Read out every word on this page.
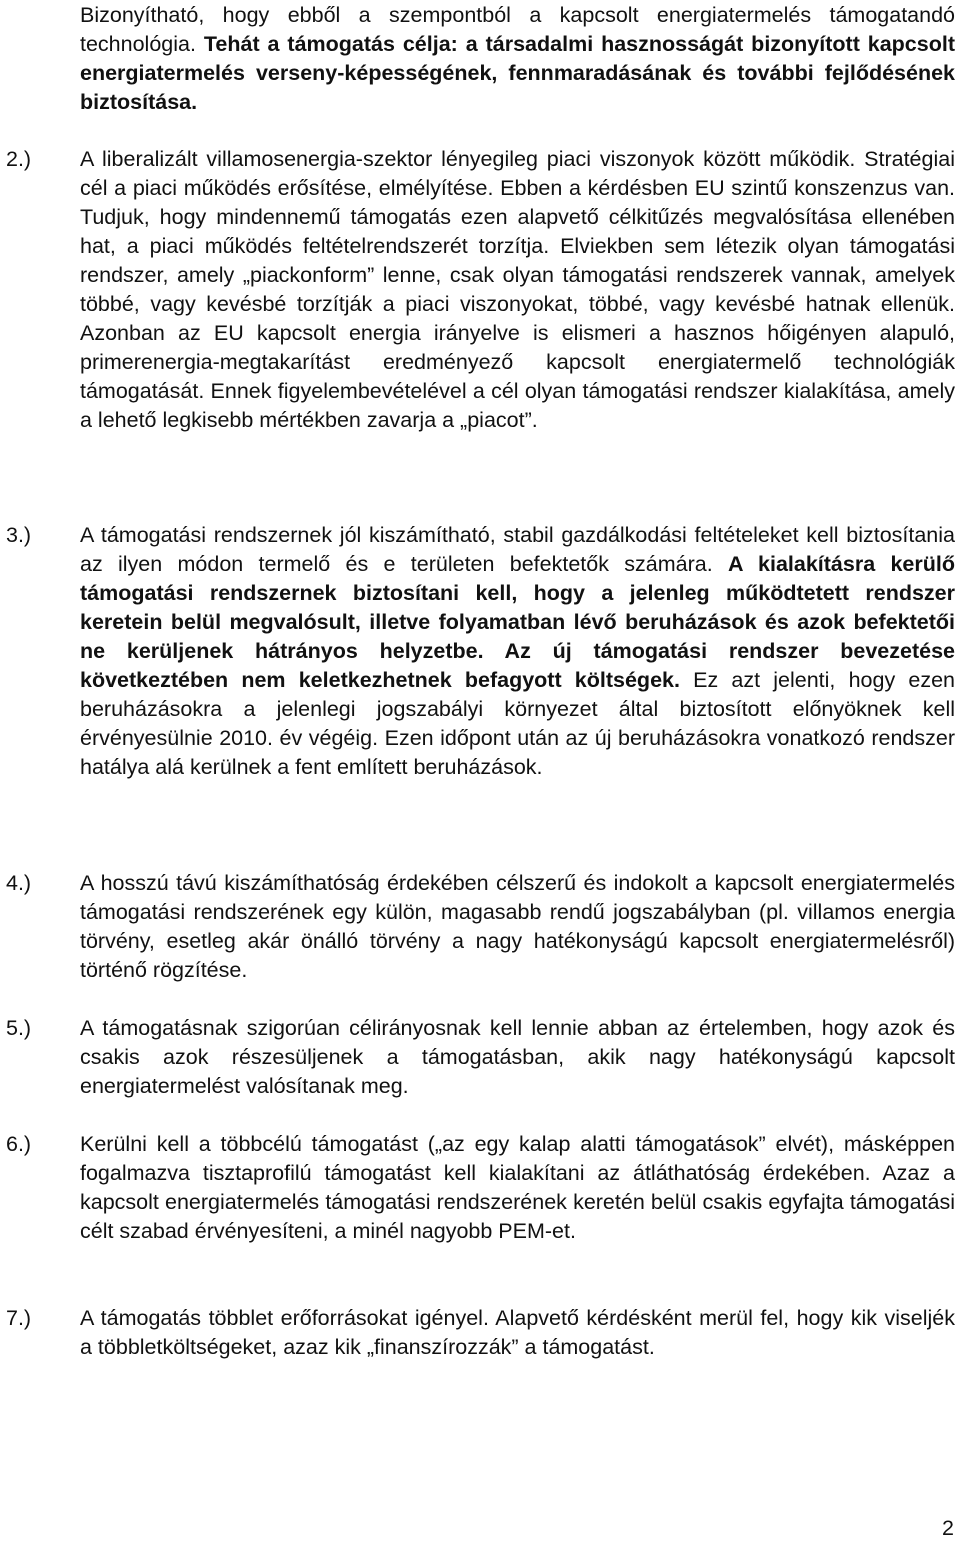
Bizonyítható, hogy ebből a szempontból a kapcsolt energiatermelés támogatandó technológia. Tehát a támogatás célja: a társadalmi hasznosságát bizonyított kapcsolt energiatermelés verseny-képességének, fennmaradásának és további fejlődésének biztosítása.

2.) A liberalizált villamosenergia-szektor lényegileg piaci viszonyok között működik. Stratégiai cél a piaci működés erősítése, elmélyítése. Ebben a kérdésben EU szintű konszenzus van. Tudjuk, hogy mindennemű támogatás ezen alapvető célkitűzés megvalósítása ellenében hat, a piaci működés feltételrendszerét torzítja. Elviekben sem létezik olyan támogatási rendszer, amely „piackonform” lenne, csak olyan támogatási rendszerek vannak, amelyek többé, vagy kevésbé torzítják a piaci viszonyokat, többé, vagy kevésbé hatnak ellenük. Azonban az EU kapcsolt energia irányelve is elismeri a hasznos hőigényen alapuló, primerenergia-megtakarítást eredményező kapcsolt energiatermelő technológiák támogatását. Ennek figyelembevételével a cél olyan támogatási rendszer kialakítása, amely a lehető legkisebb mértékben zavarja a „piacot”.

3.) A támogatási rendszernek jól kiszámítható, stabil gazdálkodási feltételeket kell biztosítania az ilyen módon termelő és e területen befektetők számára. A kialakításra kerülő támogatási rendszernek biztosítani kell, hogy a jelenleg működtetett rendszer keretein belül megvalósult, illetve folyamatban lévő beruházások és azok befektetői ne kerüljenek hátrányos helyzetbe. Az új támogatási rendszer bevezetése következtében nem keletkezhetnek befagyott költségek. Ez azt jelenti, hogy ezen beruházásokra a jelenlegi jogszabályi környezet által biztosított előnyöknek kell érvényesülnie 2010. év végéig. Ezen időpont után az új beruházásokra vonatkozó rendszer hatálya alá kerülnek a fent említett beruházások.

4.) A hosszú távú kiszámíthatóság érdekében célszerű és indokolt a kapcsolt energiatermelés támogatási rendszerének egy külön, magasabb rendű jogszabályban (pl. villamos energia törvény, esetleg akár önálló törvény a nagy hatékonyságú kapcsolt energiatermelésről) történő rögzítése.

5.) A támogatásnak szigorúan célirányosnak kell lennie abban az értelemben, hogy azok és csakis azok részesüljenek a támogatásban, akik nagy hatékonyságú kapcsolt energiatermelést valósítanak meg.

6.) Kerülni kell a többcélú támogatást („az egy kalap alatti támogatások” elvét), másképpen fogalmazva tisztaprofilú támogatást kell kialakítani az átláthatóság érdekében. Azaz a kapcsolt energiatermelés támogatási rendszerének keretén belül csakis egyfajta támogatási célt szabad érvényesíteni, a minél nagyobb PEM-et.

7.) A támogatás többlet erőforrásokat igényel. Alapvető kérdésként merül fel, hogy kik viseljék a többletköltségeket, azaz kik „finanszírozzák” a támogatást.

2
